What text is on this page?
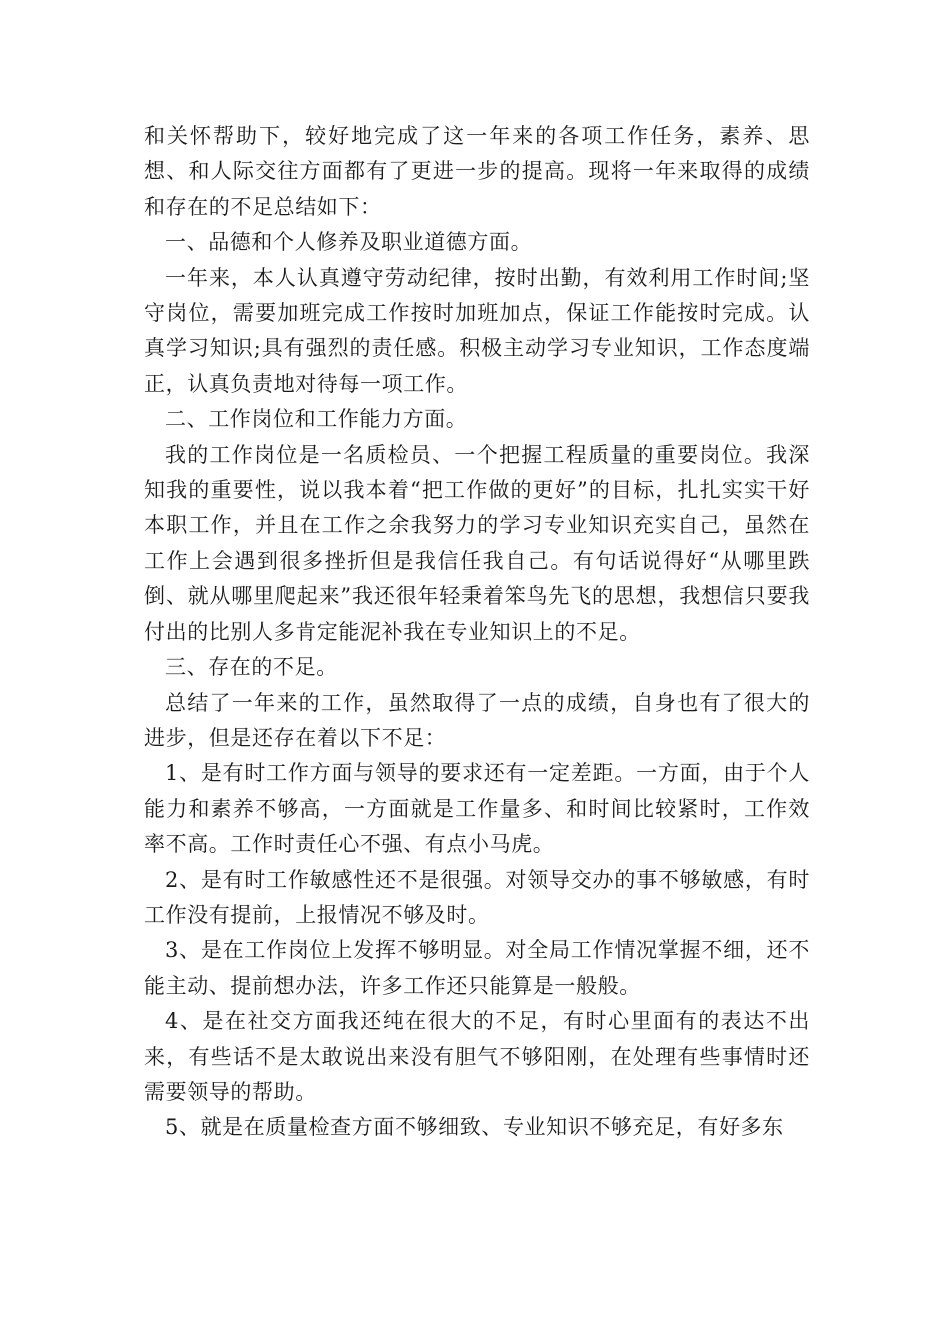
和关怀帮助下，较好地完成了这一年来的各项工作任务，素养、思想、和人际交往方面都有了更进一步的提高。现将一年来取得的成绩和存在的不足总结如下：

一、品德和个人修养及职业道德方面。

一年来，本人认真遵守劳动纪律，按时出勤，有效利用工作时间;坚守岗位，需要加班完成工作按时加班加点，保证工作能按时完成。认真学习知识;具有强烈的责任感。积极主动学习专业知识，工作态度端正，认真负责地对待每一项工作。

二、工作岗位和工作能力方面。

我的工作岗位是一名质检员、一个把握工程质量的重要岗位。我深知我的重要性，说以我本着“把工作做的更好”的目标，扎扎实实干好本职工作，并且在工作之余我努力的学习专业知识充实自己，虽然在工作上会遇到很多挫折但是我信任我自己。有句话说得好“从哪里跌倒、就从哪里爬起来”我还很年轻秉着笨鸟先飞的思想，我想信只要我付出的比别人多肯定能泥补我在专业知识上的不足。

三、存在的不足。

总结了一年来的工作，虽然取得了一点的成绩，自身也有了很大的进步，但是还存在着以下不足：

1、是有时工作方面与领导的要求还有一定差距。一方面，由于个人能力和素养不够高，一方面就是工作量多、和时间比较紧时，工作效率不高。工作时责任心不强、有点小马虎。

2、是有时工作敏感性还不是很强。对领导交办的事不够敏感，有时工作没有提前，上报情况不够及时。

3、是在工作岗位上发挥不够明显。对全局工作情况掌握不细，还不能主动、提前想办法，许多工作还只能算是一般般。

4、是在社交方面我还纯在很大的不足，有时心里面有的表达不出来，有些话不是太敢说出来没有胆气不够阳刚，在处理有些事情时还需要领导的帮助。

5、就是在质量检查方面不够细致、专业知识不够充足，有好多东
